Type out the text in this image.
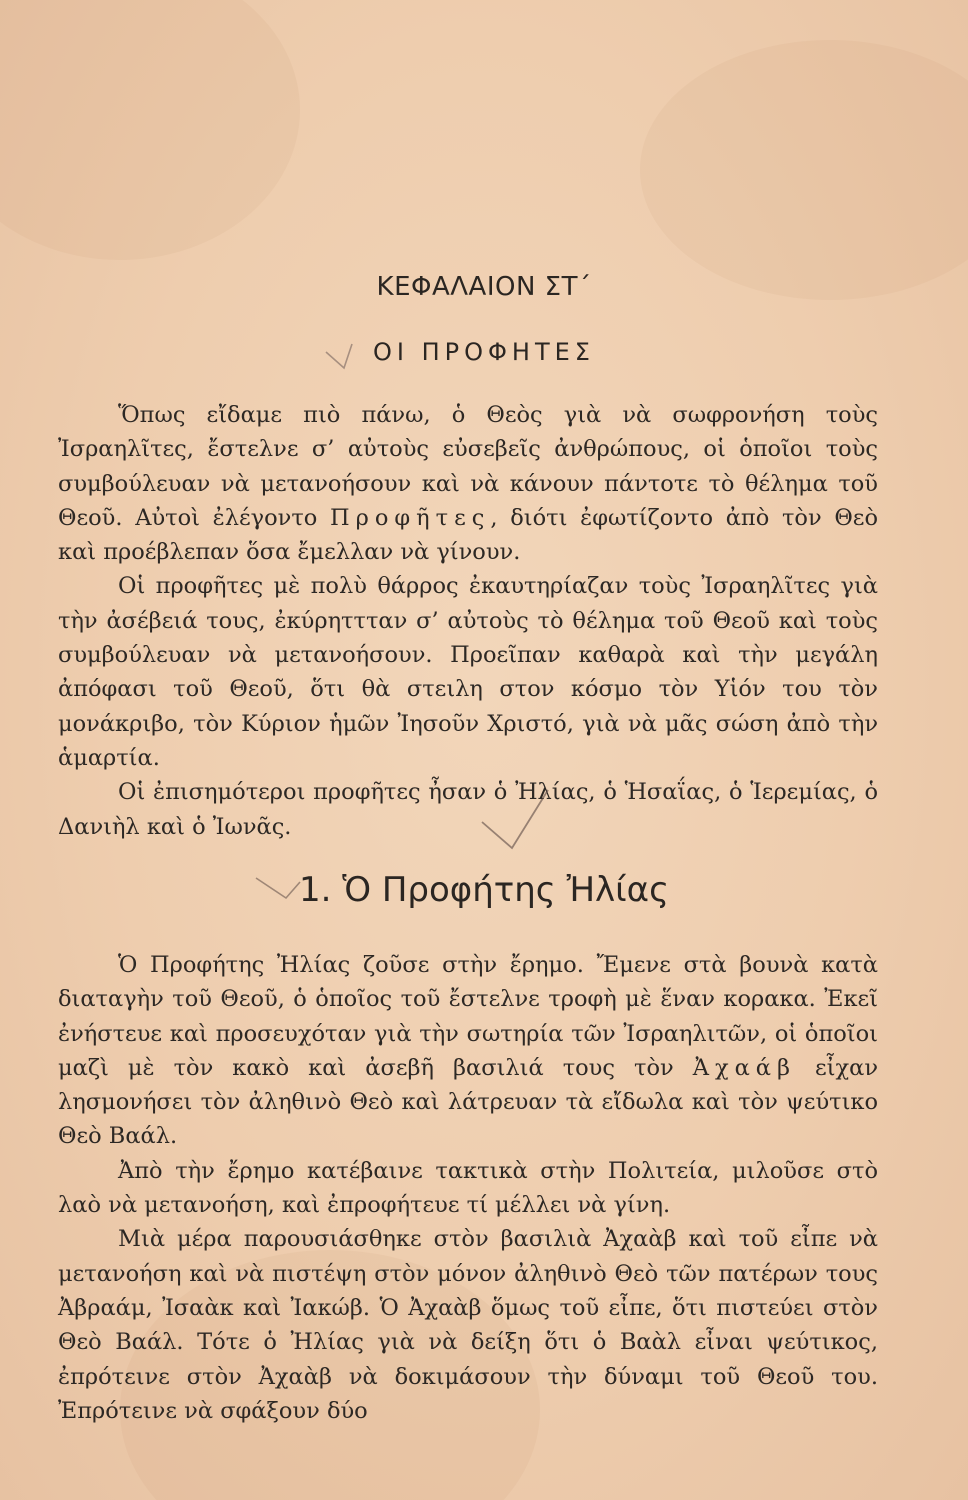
ΚΕΦΑΛΑΙΟΝ ΣΤ΄
ΟΙ ΠΡΟΦΗΤΕΣ

Ὅπως εἴδαμε πιὸ πάνω, ὁ Θεὸς γιὰ νὰ σωφρονήση τοὺς Ἰσραηλῖτες, ἔστελνε σ’ αὐτοὺς εὐσεβεῖς ἀνθρώπους, οἱ ὁποῖοι τοὺς συμβούλευαν νὰ μετανοήσουν καὶ νὰ κάνουν πάντοτε τὸ θέλημα τοῦ Θεοῦ. Αὐτοὶ ἐλέγοντο Προφῆτες, διότι ἐφωτίζοντο ἀπὸ τὸν Θεὸ καὶ προέβλεπαν ὅσα ἔμελλαν νὰ γίνουν.

Οἱ προφῆτες μὲ πολὺ θάρρος ἐκαυτηρίαζαν τοὺς Ἰσραηλῖτες γιὰ τὴν ἀσέβειά τους, ἐκύρηττταν σ’ αὐτοὺς τὸ θέλημα τοῦ Θεοῦ καὶ τοὺς συμβούλευαν νὰ μετανοήσουν. Προεῖπαν καθαρὰ καὶ τὴν μεγάλη ἀπόφασι τοῦ Θεοῦ, ὅτι θὰ στειλη στον κόσμο τὸν Υἱόν του τὸν μονάκριβο, τὸν Κύριον ἡμῶν Ἰησοῦν Χριστό, γιὰ νὰ μᾶς σώση ἀπὸ τὴν ἁμαρτία.

Οἱ ἐπισημότεροι προφῆτες ἦσαν ὁ Ἠλίας, ὁ Ἡσαΐας, ὁ Ἱερεμίας, ὁ Δανιὴλ καὶ ὁ Ἰωνᾶς.

1. Ὁ Προφήτης Ἠλίας

Ὁ Προφήτης Ἠλίας ζοῦσε στὴν ἔρημο. Ἔμενε στὰ βουνὰ κατὰ διαταγὴν τοῦ Θεοῦ, ὁ ὁποῖος τοῦ ἔστελνε τροφὴ μὲ ἕναν κορακα. Ἐκεῖ ἐνήστευε καὶ προσευχόταν γιὰ τὴν σωτηρία τῶν Ἰσραηλιτῶν, οἱ ὁποῖοι μαζὶ μὲ τὸν κακὸ καὶ ἀσεβῆ βασιλιά τους τὸν Ἀχαάβ εἶχαν λησμονήσει τὸν ἀληθινὸ Θεὸ καὶ λάτρευαν τὰ εἴδωλα καὶ τὸν ψεύτικο Θεὸ Βαάλ.

Ἀπὸ τὴν ἔρημο κατέβαινε τακτικὰ στὴν Πολιτεία, μιλοῦσε στὸ λαὸ νὰ μετανοήση, καὶ ἐπροφήτευε τί μέλλει νὰ γίνη.

Μιὰ μέρα παρουσιάσθηκε στὸν βασιλιὰ Ἀχαὰβ καὶ τοῦ εἶπε νὰ μετανοήση καὶ νὰ πιστέψη στὸν μόνον ἀληθινὸ Θεὸ τῶν πατέρων τους Ἀβραάμ, Ἰσαὰκ καὶ Ἰακώβ. Ὁ Ἀχαὰβ ὅμως τοῦ εἶπε, ὅτι πιστεύει στὸν Θεὸ Βαάλ. Τότε ὁ Ἠλίας γιὰ νὰ δείξη ὅτι ὁ Βαὰλ εἶναι ψεύτικος, ἐπρότεινε στὸν Ἀχαὰβ νὰ δοκιμάσουν τὴν δύναμι τοῦ Θεοῦ του. Ἐπρότεινε νὰ σφάξουν δύο
